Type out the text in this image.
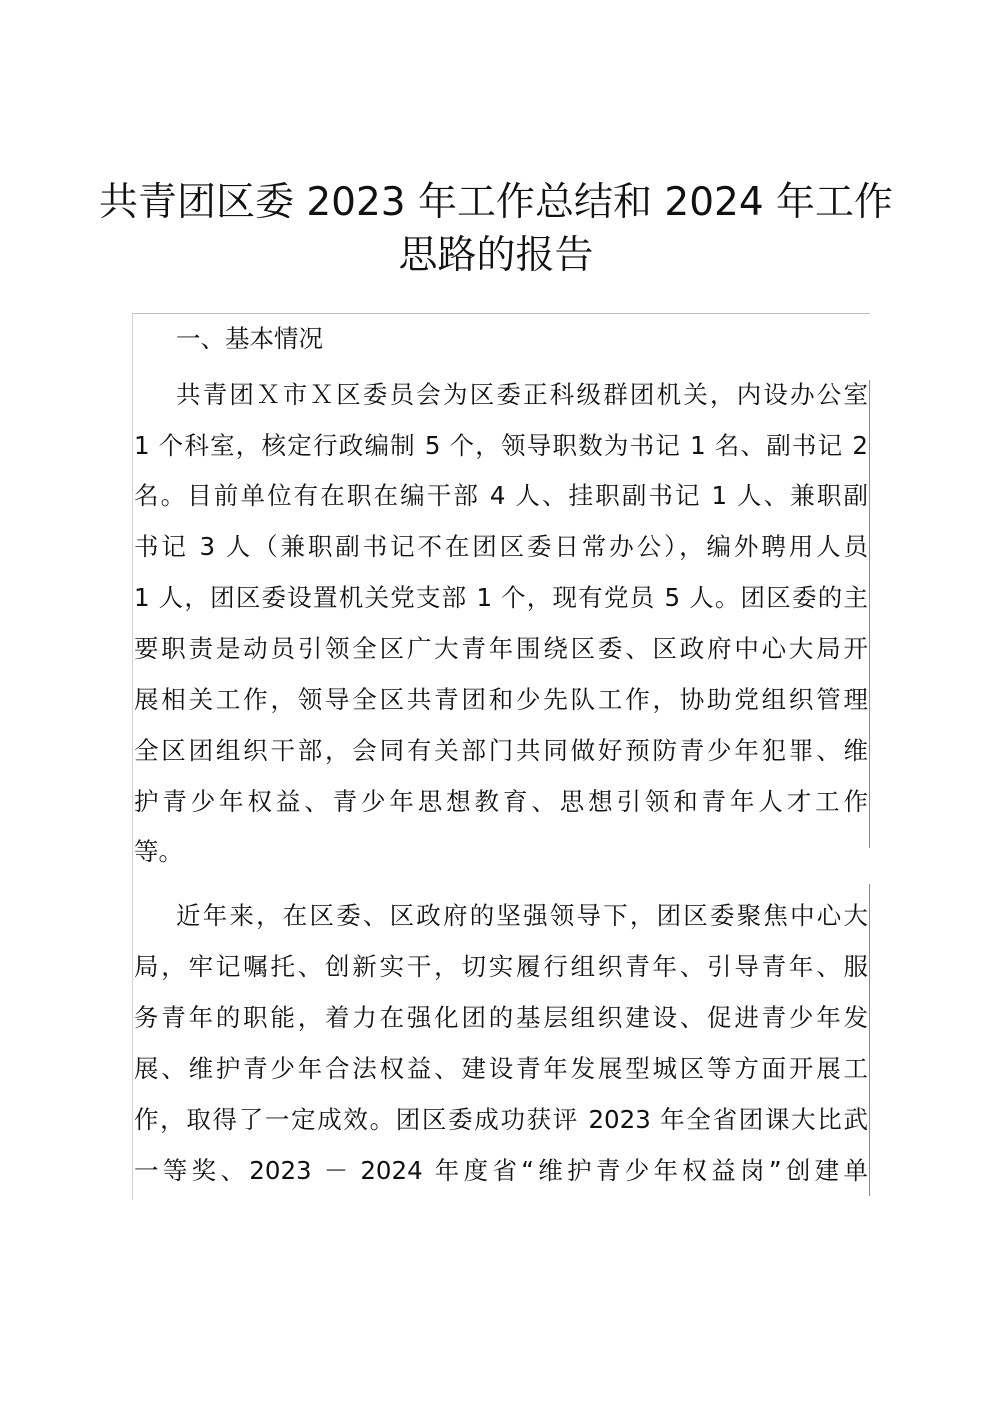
共青团区委 2023 年工作总结和 2024 年工作
思路的报告
一、基本情况
共青团Ｘ市Ｘ区委员会为区委正科级群团机关，内设办公室
1 个科室，核定行政编制 5 个，领导职数为书记 1 名、副书记 2
名。目前单位有在职在编干部 4 人、挂职副书记 1 人、兼职副
书记 3 人（兼职副书记不在团区委日常办公），编外聘用人员
1 人，团区委设置机关党支部 1 个，现有党员 5 人。团区委的主
要职责是动员引领全区广大青年围绕区委、区政府中心大局开
展相关工作，领导全区共青团和少先队工作，协助党组织管理
全区团组织干部，会同有关部门共同做好预防青少年犯罪、维
护青少年权益、青少年思想教育、思想引领和青年人才工作
等。
近年来，在区委、区政府的坚强领导下，团区委聚焦中心大
局，牢记嘱托、创新实干，切实履行组织青年、引导青年、服
务青年的职能，着力在强化团的基层组织建设、促进青少年发
展、维护青少年合法权益、建设青年发展型城区等方面开展工
作，取得了一定成效。团区委成功获评 2023 年全省团课大比武
一等奖、2023 － 2024 年度省“维护青少年权益岗”创建单
